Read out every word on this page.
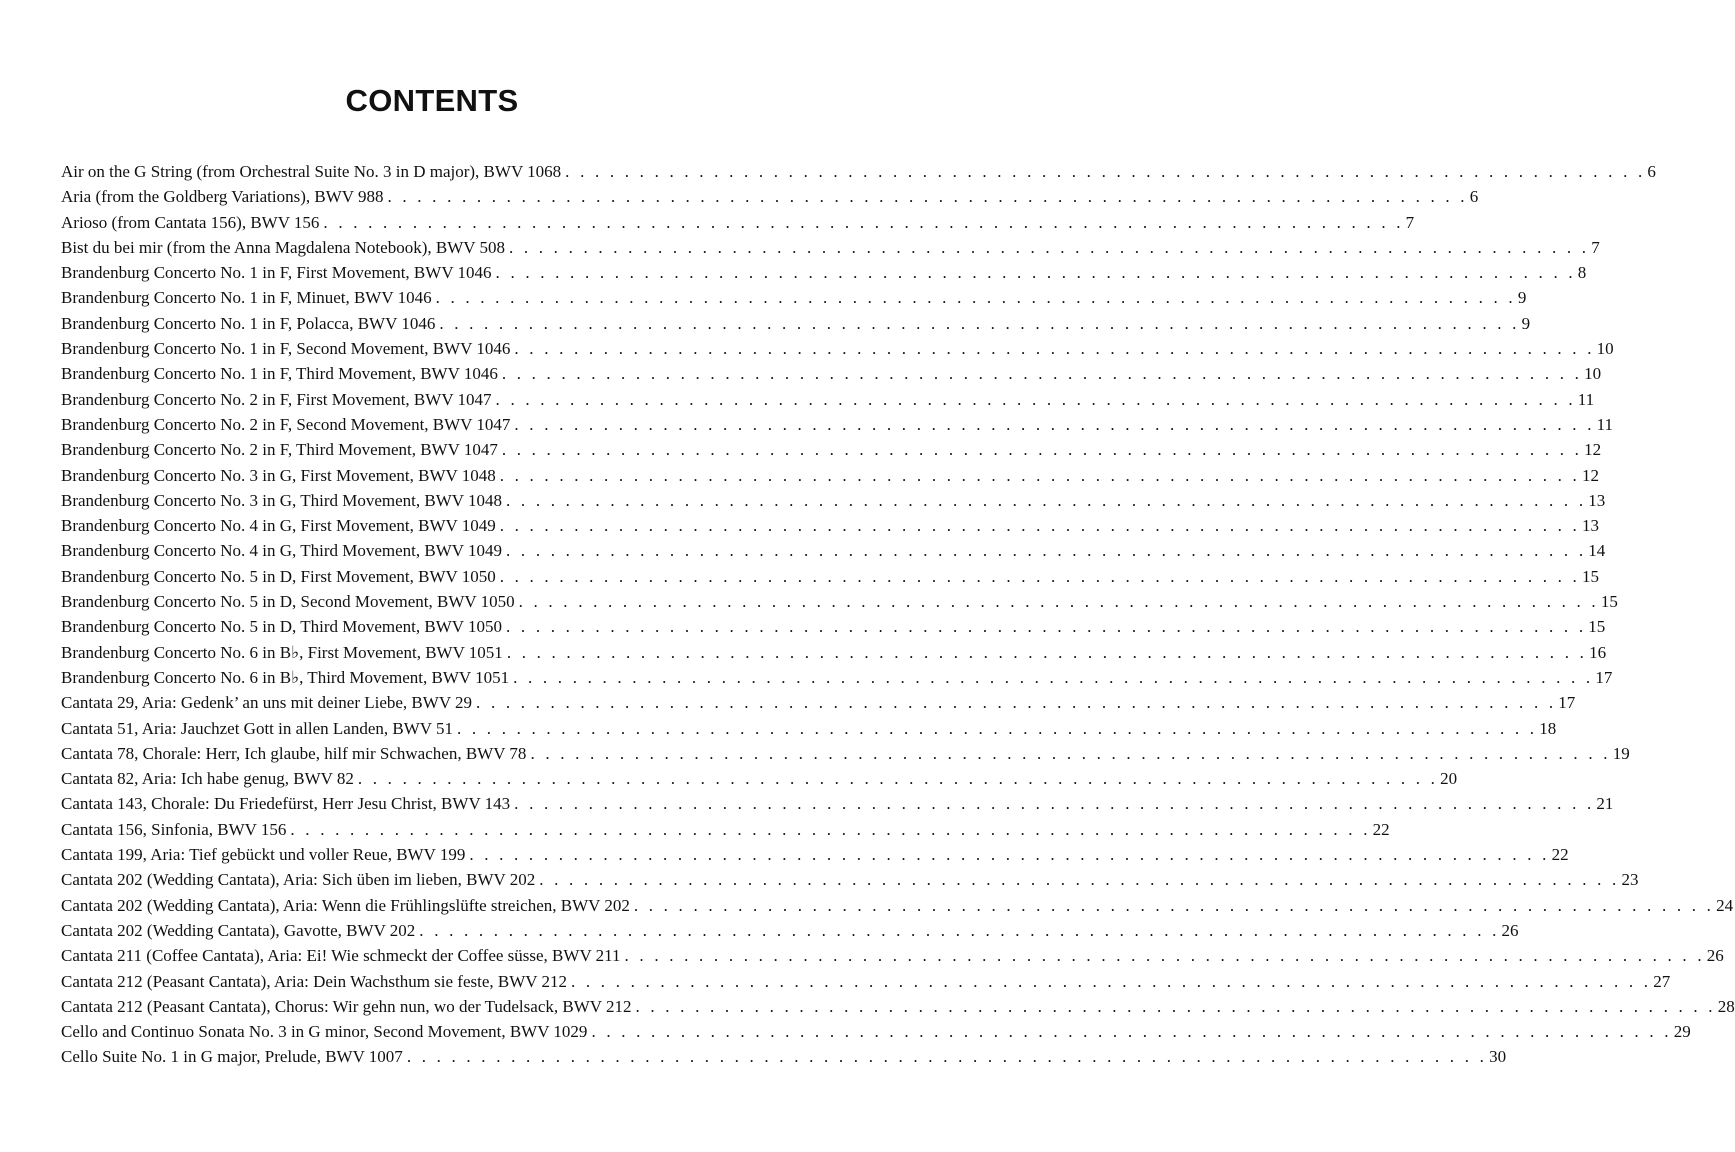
CONTENTS
Air on the G String (from Orchestral Suite No. 3 in D major), BWV 1068 . . . . . . . . . . . . . . . . . . . . . . . . . . . . . . . . . . . . . . . . . . . . . . . . . . . . . . . . . . . . . . . . . . . . . . . . . 6
Aria (from the Goldberg Variations), BWV 988 . . . . . . . . . . . . . . . . . . . . . . . . . . . . . . . . . . . . . . . . . . . . . . . . . . . . . . . . . . . . . . . . . . . . . . . . . 6
Arioso (from Cantata 156), BWV 156 . . . . . . . . . . . . . . . . . . . . . . . . . . . . . . . . . . . . . . . . . . . . . . . . . . . . . . . . . . . . . . . . . . . . . . . . . 7
Bist du bei mir (from the Anna Magdalena Notebook), BWV 508 . . . . . . . . . . . . . . . . . . . . . . . . . . . . . . . . . . . . . . . . . . . . . . . . . . . . . . . . . . . . . . . . . . . . . . . . . 7
Brandenburg Concerto No. 1 in F, First Movement, BWV 1046 . . . . . . . . . . . . . . . . . . . . . . . . . . . . . . . . . . . . . . . . . . . . . . . . . . . . . . . . . . . . . . . . . . . . . . . . . 8
Brandenburg Concerto No. 1 in F, Minuet, BWV 1046 . . . . . . . . . . . . . . . . . . . . . . . . . . . . . . . . . . . . . . . . . . . . . . . . . . . . . . . . . . . . . . . . . . . . . . . . . 9
Brandenburg Concerto No. 1 in F, Polacca, BWV 1046 . . . . . . . . . . . . . . . . . . . . . . . . . . . . . . . . . . . . . . . . . . . . . . . . . . . . . . . . . . . . . . . . . . . . . . . . . 9
Brandenburg Concerto No. 1 in F, Second Movement, BWV 1046 . . . . . . . . . . . . . . . . . . . . . . . . . . . . . . . . . . . . . . . . . . . . . . . . . . . . . . . . . . . . . . . . . . . . . . . . . 10
Brandenburg Concerto No. 1 in F, Third Movement, BWV 1046 . . . . . . . . . . . . . . . . . . . . . . . . . . . . . . . . . . . . . . . . . . . . . . . . . . . . . . . . . . . . . . . . . . . . . . . . . 10
Brandenburg Concerto No. 2 in F, First Movement, BWV 1047 . . . . . . . . . . . . . . . . . . . . . . . . . . . . . . . . . . . . . . . . . . . . . . . . . . . . . . . . . . . . . . . . . . . . . . . . . 11
Brandenburg Concerto No. 2 in F, Second Movement, BWV 1047 . . . . . . . . . . . . . . . . . . . . . . . . . . . . . . . . . . . . . . . . . . . . . . . . . . . . . . . . . . . . . . . . . . . . . . . . . 11
Brandenburg Concerto No. 2 in F, Third Movement, BWV 1047 . . . . . . . . . . . . . . . . . . . . . . . . . . . . . . . . . . . . . . . . . . . . . . . . . . . . . . . . . . . . . . . . . . . . . . . . . 12
Brandenburg Concerto No. 3 in G, First Movement, BWV 1048 . . . . . . . . . . . . . . . . . . . . . . . . . . . . . . . . . . . . . . . . . . . . . . . . . . . . . . . . . . . . . . . . . . . . . . . . . 12
Brandenburg Concerto No. 3 in G, Third Movement, BWV 1048 . . . . . . . . . . . . . . . . . . . . . . . . . . . . . . . . . . . . . . . . . . . . . . . . . . . . . . . . . . . . . . . . . . . . . . . . . 13
Brandenburg Concerto No. 4 in G, First Movement, BWV 1049 . . . . . . . . . . . . . . . . . . . . . . . . . . . . . . . . . . . . . . . . . . . . . . . . . . . . . . . . . . . . . . . . . . . . . . . . . 13
Brandenburg Concerto No. 4 in G, Third Movement, BWV 1049 . . . . . . . . . . . . . . . . . . . . . . . . . . . . . . . . . . . . . . . . . . . . . . . . . . . . . . . . . . . . . . . . . . . . . . . . . 14
Brandenburg Concerto No. 5 in D, First Movement, BWV 1050 . . . . . . . . . . . . . . . . . . . . . . . . . . . . . . . . . . . . . . . . . . . . . . . . . . . . . . . . . . . . . . . . . . . . . . . . . 15
Brandenburg Concerto No. 5 in D, Second Movement, BWV 1050 . . . . . . . . . . . . . . . . . . . . . . . . . . . . . . . . . . . . . . . . . . . . . . . . . . . . . . . . . . . . . . . . . . . . . . . . . 15
Brandenburg Concerto No. 5 in D, Third Movement, BWV 1050 . . . . . . . . . . . . . . . . . . . . . . . . . . . . . . . . . . . . . . . . . . . . . . . . . . . . . . . . . . . . . . . . . . . . . . . . . 15
Brandenburg Concerto No. 6 in B♭, First Movement, BWV 1051 . . . . . . . . . . . . . . . . . . . . . . . . . . . . . . . . . . . . . . . . . . . . . . . . . . . . . . . . . . . . . . . . . . . . . . . . . 16
Brandenburg Concerto No. 6 in B♭, Third Movement, BWV 1051 . . . . . . . . . . . . . . . . . . . . . . . . . . . . . . . . . . . . . . . . . . . . . . . . . . . . . . . . . . . . . . . . . . . . . . . . . 17
Cantata 29, Aria: Gedenk’ an uns mit deiner Liebe, BWV 29 . . . . . . . . . . . . . . . . . . . . . . . . . . . . . . . . . . . . . . . . . . . . . . . . . . . . . . . . . . . . . . . . . . . . . . . . . 17
Cantata 51, Aria: Jauchzet Gott in allen Landen, BWV 51 . . . . . . . . . . . . . . . . . . . . . . . . . . . . . . . . . . . . . . . . . . . . . . . . . . . . . . . . . . . . . . . . . . . . . . . . . 18
Cantata 78, Chorale: Herr, Ich glaube, hilf mir Schwachen, BWV 78 . . . . . . . . . . . . . . . . . . . . . . . . . . . . . . . . . . . . . . . . . . . . . . . . . . . . . . . . . . . . . . . . . . . . . . . . . 19
Cantata 82, Aria: Ich habe genug, BWV 82 . . . . . . . . . . . . . . . . . . . . . . . . . . . . . . . . . . . . . . . . . . . . . . . . . . . . . . . . . . . . . . . . . . . . . . . . . 20
Cantata 143, Chorale: Du Friedefürst, Herr Jesu Christ, BWV 143 . . . . . . . . . . . . . . . . . . . . . . . . . . . . . . . . . . . . . . . . . . . . . . . . . . . . . . . . . . . . . . . . . . . . . . . . . 21
Cantata 156, Sinfonia, BWV 156 . . . . . . . . . . . . . . . . . . . . . . . . . . . . . . . . . . . . . . . . . . . . . . . . . . . . . . . . . . . . . . . . . . . . . . . . . 22
Cantata 199, Aria: Tief gebückt und voller Reue, BWV 199 . . . . . . . . . . . . . . . . . . . . . . . . . . . . . . . . . . . . . . . . . . . . . . . . . . . . . . . . . . . . . . . . . . . . . . . . . 22
Cantata 202 (Wedding Cantata), Aria: Sich üben im lieben, BWV 202 . . . . . . . . . . . . . . . . . . . . . . . . . . . . . . . . . . . . . . . . . . . . . . . . . . . . . . . . . . . . . . . . . . . . . . . . . 23
Cantata 202 (Wedding Cantata), Aria: Wenn die Frühlingslüfte streichen, BWV 202 . . . . . . . . . . . . . . . . . . . . . . . . . . . . . . . . . . . . . . . . . . . . . . . . . . . . . . . . . . . . . . . . . . . . . . . . . 24
Cantata 202 (Wedding Cantata), Gavotte, BWV 202 . . . . . . . . . . . . . . . . . . . . . . . . . . . . . . . . . . . . . . . . . . . . . . . . . . . . . . . . . . . . . . . . . . . . . . . . . 26
Cantata 211 (Coffee Cantata), Aria: Ei! Wie schmeckt der Coffee süsse, BWV 211 . . . . . . . . . . . . . . . . . . . . . . . . . . . . . . . . . . . . . . . . . . . . . . . . . . . . . . . . . . . . . . . . . . . . . . . . . 26
Cantata 212 (Peasant Cantata), Aria: Dein Wachsthum sie feste, BWV 212 . . . . . . . . . . . . . . . . . . . . . . . . . . . . . . . . . . . . . . . . . . . . . . . . . . . . . . . . . . . . . . . . . . . . . . . . . 27
Cantata 212 (Peasant Cantata), Chorus: Wir gehn nun, wo der Tudelsack, BWV 212 . . . . . . . . . . . . . . . . . . . . . . . . . . . . . . . . . . . . . . . . . . . . . . . . . . . . . . . . . . . . . . . . . . . . . . . . . 28
Cello and Continuo Sonata No. 3 in G minor, Second Movement, BWV 1029 . . . . . . . . . . . . . . . . . . . . . . . . . . . . . . . . . . . . . . . . . . . . . . . . . . . . . . . . . . . . . . . . . . . . . . . . . 29
Cello Suite No. 1 in G major, Prelude, BWV 1007 . . . . . . . . . . . . . . . . . . . . . . . . . . . . . . . . . . . . . . . . . . . . . . . . . . . . . . . . . . . . . . . . . . . . . . . . . 30
